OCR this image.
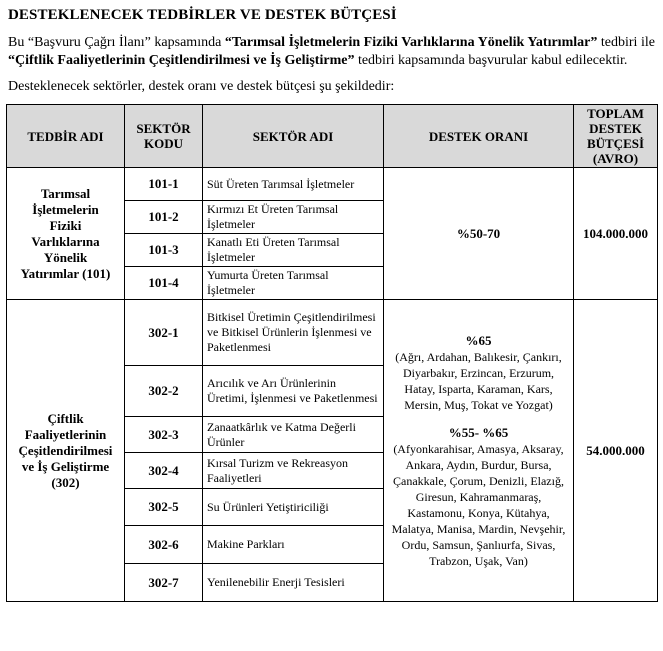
DESTEKLENECEK TEDBİRLER VE DESTEK BÜTÇESİ

Bu “Başvuru Çağrı İlanı” kapsamında “Tarımsal İşletmelerin Fiziki Varlıklarına Yönelik Yatırımlar” tedbiri ile “Çiftlik Faaliyetlerinin Çeşitlendirilmesi ve İş Geliştirme” tedbiri kapsamında başvurular kabul edilecektir.

Desteklenecek sektörler, destek oranı ve destek bütçesi şu şekildedir:

TEDBİR ADI	SEKTÖR KODU	SEKTÖR ADI	DESTEK ORANI	TOPLAM DESTEK BÜTÇESİ (AVRO)
Tarımsal İşletmelerin Fiziki Varlıklarına Yönelik Yatırımlar (101)	101-1	Süt Üreten Tarımsal İşletmeler	%50-70	104.000.000
	101-2	Kırmızı Et Üreten Tarımsal İşletmeler		
	101-3	Kanatlı Eti Üreten Tarımsal İşletmeler		
	101-4	Yumurta Üreten Tarımsal İşletmeler		
Çiftlik Faaliyetlerinin Çeşitlendirilmesi ve İş Geliştirme (302)	302-1	Bitkisel Üretimin Çeşitlendirilmesi ve Bitkisel Ürünlerin İşlenmesi ve Paketlenmesi	%65
(Ağrı, Ardahan, Balıkesir, Çankırı, Diyarbakır, Erzincan, Erzurum, Hatay, Isparta, Karaman, Kars, Mersin, Muş, Tokat ve Yozgat)
%55- %65
(Afyonkarahisar, Amasya, Aksaray, Ankara, Aydın, Burdur, Bursa, Çanakkale, Çorum, Denizli, Elazığ, Giresun, Kahramanmaraş, Kastamonu, Konya, Kütahya, Malatya, Manisa, Mardin, Nevşehir, Ordu, Samsun, Şanlıurfa, Sivas, Trabzon, Uşak, Van)	54.000.000
	302-2	Arıcılık ve Arı Ürünlerinin Üretimi, İşlenmesi ve Paketlenmesi		
	302-3	Zanaatkârlık ve Katma Değerli Ürünler		
	302-4	Kırsal Turizm ve Rekreasyon Faaliyetleri		
	302-5	Su Ürünleri Yetiştiriciliği		
	302-6	Makine Parkları		
	302-7	Yenilenebilir Enerji Tesisleri		
